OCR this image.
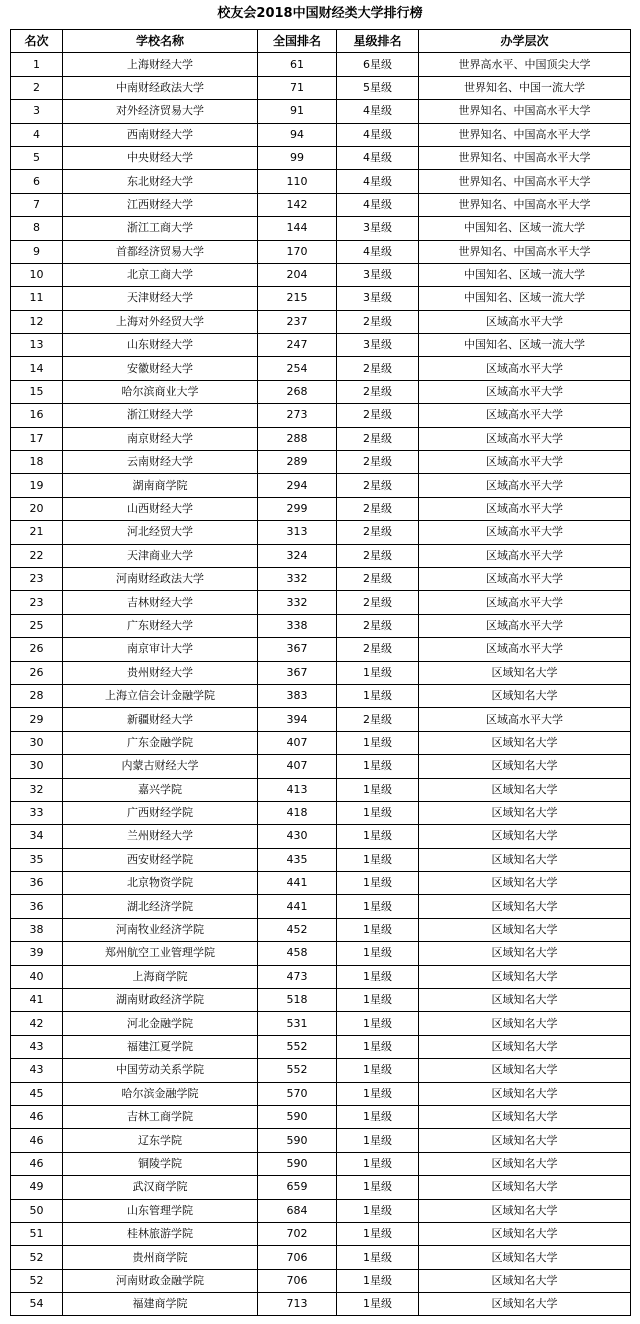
校友会2018中国财经类大学排行榜
名次	学校名称	全国排名	星级排名	办学层次
1	上海财经大学	61	6星级	世界高水平、中国顶尖大学
2	中南财经政法大学	71	5星级	世界知名、中国一流大学
3	对外经济贸易大学	91	4星级	世界知名、中国高水平大学
4	西南财经大学	94	4星级	世界知名、中国高水平大学
5	中央财经大学	99	4星级	世界知名、中国高水平大学
6	东北财经大学	110	4星级	世界知名、中国高水平大学
7	江西财经大学	142	4星级	世界知名、中国高水平大学
8	浙江工商大学	144	3星级	中国知名、区域一流大学
9	首都经济贸易大学	170	4星级	世界知名、中国高水平大学
10	北京工商大学	204	3星级	中国知名、区域一流大学
11	天津财经大学	215	3星级	中国知名、区域一流大学
12	上海对外经贸大学	237	2星级	区域高水平大学
13	山东财经大学	247	3星级	中国知名、区域一流大学
14	安徽财经大学	254	2星级	区域高水平大学
15	哈尔滨商业大学	268	2星级	区域高水平大学
16	浙江财经大学	273	2星级	区域高水平大学
17	南京财经大学	288	2星级	区域高水平大学
18	云南财经大学	289	2星级	区域高水平大学
19	湖南商学院	294	2星级	区域高水平大学
20	山西财经大学	299	2星级	区域高水平大学
21	河北经贸大学	313	2星级	区域高水平大学
22	天津商业大学	324	2星级	区域高水平大学
23	河南财经政法大学	332	2星级	区域高水平大学
23	吉林财经大学	332	2星级	区域高水平大学
25	广东财经大学	338	2星级	区域高水平大学
26	南京审计大学	367	2星级	区域高水平大学
26	贵州财经大学	367	1星级	区域知名大学
28	上海立信会计金融学院	383	1星级	区域知名大学
29	新疆财经大学	394	2星级	区域高水平大学
30	广东金融学院	407	1星级	区域知名大学
30	内蒙古财经大学	407	1星级	区域知名大学
32	嘉兴学院	413	1星级	区域知名大学
33	广西财经学院	418	1星级	区域知名大学
34	兰州财经大学	430	1星级	区域知名大学
35	西安财经学院	435	1星级	区域知名大学
36	北京物资学院	441	1星级	区域知名大学
36	湖北经济学院	441	1星级	区域知名大学
38	河南牧业经济学院	452	1星级	区域知名大学
39	郑州航空工业管理学院	458	1星级	区域知名大学
40	上海商学院	473	1星级	区域知名大学
41	湖南财政经济学院	518	1星级	区域知名大学
42	河北金融学院	531	1星级	区域知名大学
43	福建江夏学院	552	1星级	区域知名大学
43	中国劳动关系学院	552	1星级	区域知名大学
45	哈尔滨金融学院	570	1星级	区域知名大学
46	吉林工商学院	590	1星级	区域知名大学
46	辽东学院	590	1星级	区域知名大学
46	铜陵学院	590	1星级	区域知名大学
49	武汉商学院	659	1星级	区域知名大学
50	山东管理学院	684	1星级	区域知名大学
51	桂林旅游学院	702	1星级	区域知名大学
52	贵州商学院	706	1星级	区域知名大学
52	河南财政金融学院	706	1星级	区域知名大学
54	福建商学院	713	1星级	区域知名大学
